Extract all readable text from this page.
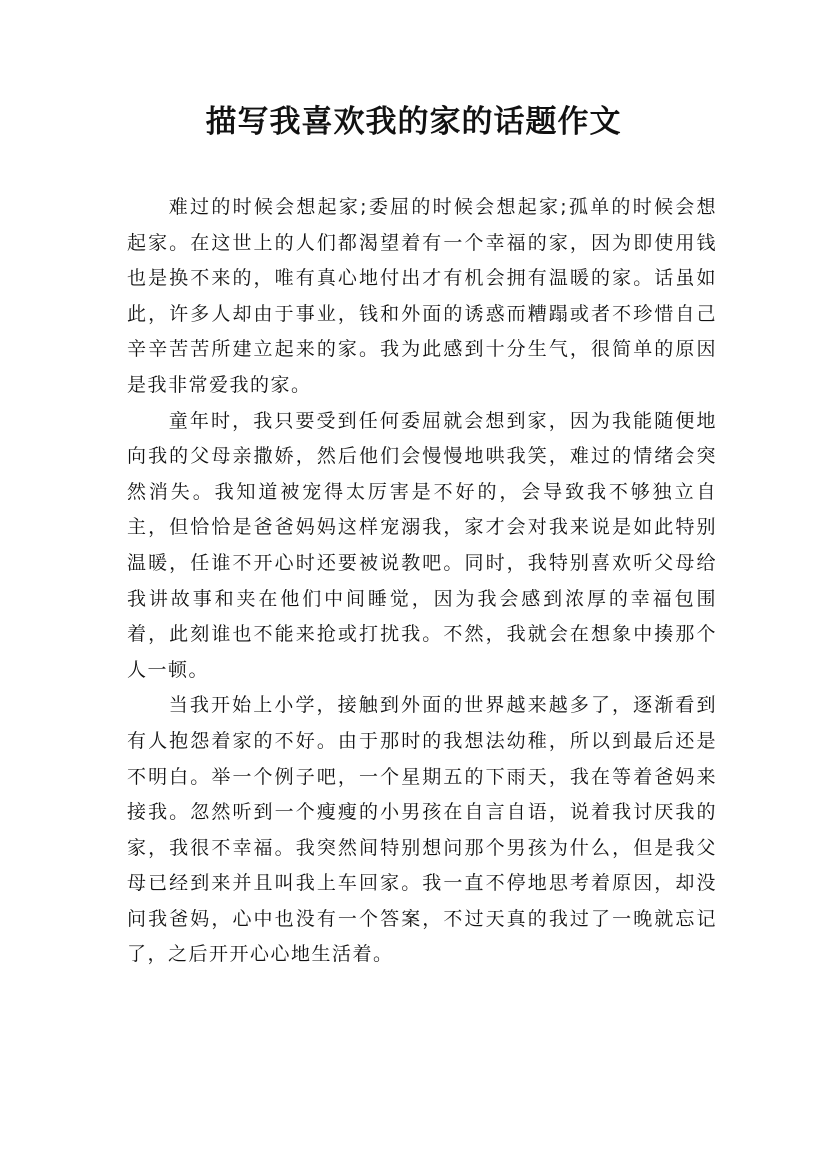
描写我喜欢我的家的话题作文

难过的时候会想起家;委屈的时候会想起家;孤单的时候会想起家。在这世上的人们都渴望着有一个幸福的家，因为即使用钱也是换不来的，唯有真心地付出才有机会拥有温暖的家。话虽如此，许多人却由于事业，钱和外面的诱惑而糟蹋或者不珍惜自己辛辛苦苦所建立起来的家。我为此感到十分生气，很简单的原因是我非常爱我的家。

童年时，我只要受到任何委屈就会想到家，因为我能随便地向我的父母亲撒娇，然后他们会慢慢地哄我笑，难过的情绪会突然消失。我知道被宠得太厉害是不好的，会导致我不够独立自主，但恰恰是爸爸妈妈这样宠溺我，家才会对我来说是如此特别温暖，任谁不开心时还要被说教吧。同时，我特别喜欢听父母给我讲故事和夹在他们中间睡觉，因为我会感到浓厚的幸福包围着，此刻谁也不能来抢或打扰我。不然，我就会在想象中揍那个人一顿。

当我开始上小学，接触到外面的世界越来越多了，逐渐看到有人抱怨着家的不好。由于那时的我想法幼稚，所以到最后还是不明白。举一个例子吧，一个星期五的下雨天，我在等着爸妈来接我。忽然听到一个瘦瘦的小男孩在自言自语，说着我讨厌我的家，我很不幸福。我突然间特别想问那个男孩为什么，但是我父母已经到来并且叫我上车回家。我一直不停地思考着原因，却没问我爸妈，心中也没有一个答案，不过天真的我过了一晚就忘记了，之后开开心心地生活着。
